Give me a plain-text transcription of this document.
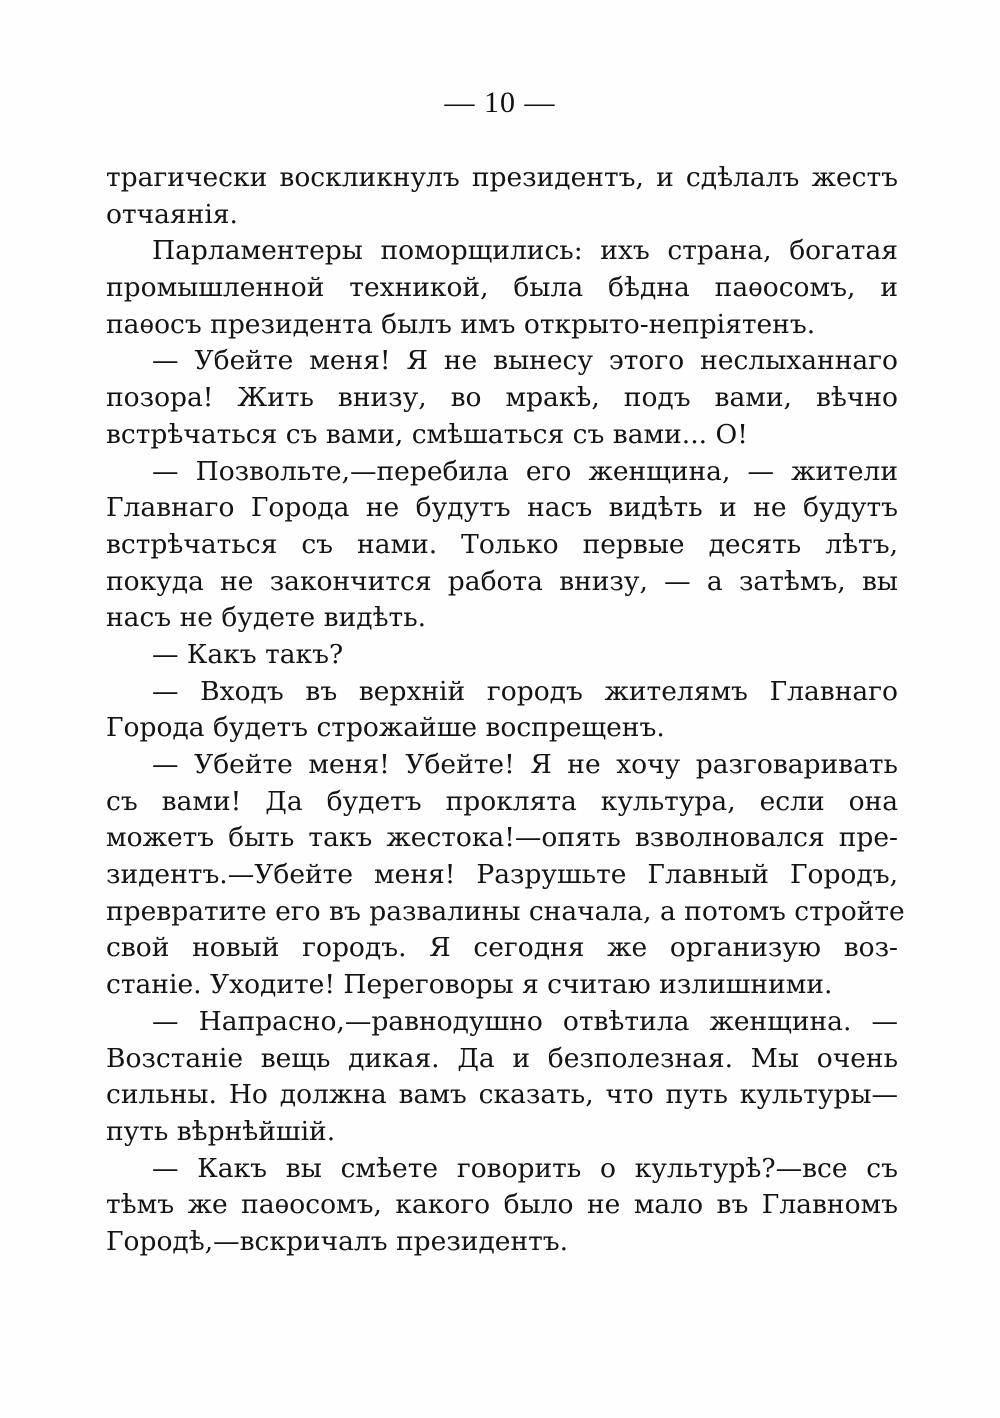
— 10 —
трагически воскликнулъ президентъ, и сдѣлалъ жестъ
отчаянія.
Парламентеры поморщились: ихъ страна, богатая
промышленной техникой, была бѣдна паѳосомъ, и
паѳосъ президента былъ имъ открыто-непріятенъ.
— Убейте меня! Я не вынесу этого неслыханнаго
позора! Жить внизу, во мракѣ, подъ вами, вѣчно
встрѣчаться съ вами, смѣшаться съ вами... О!
— Позвольте,—перебила его женщина, — жители
Главнаго Города не будутъ насъ видѣть и не будутъ
встрѣчаться съ нами. Только первые десять лѣтъ,
покуда не закончится работа внизу, — а затѣмъ, вы
насъ не будете видѣть.
— Какъ такъ?
— Входъ въ верхній городъ жителямъ Главнаго
Города будетъ строжайше воспрещенъ.
— Убейте меня! Убейте! Я не хочу разговаривать
съ вами! Да будетъ проклята культура, если она
можетъ быть такъ жестока!—опять взволновался пре-
зидентъ.—Убейте меня! Разрушьте Главный Городъ,
превратите его въ развалины сначала, а потомъ стройте
свой новый городъ. Я сегодня же организую воз-
станіе. Уходите! Переговоры я считаю излишними.
— Напрасно,—равнодушно отвѣтила женщина. —
Возстаніе вещь дикая. Да и безполезная. Мы очень
сильны. Но должна вамъ сказать, что путь культуры—
путь вѣрнѣйшій.
— Какъ вы смѣете говорить о культурѣ?—все съ
тѣмъ же паѳосомъ, какого было не мало въ Главномъ
Городѣ,—вскричалъ президентъ.
